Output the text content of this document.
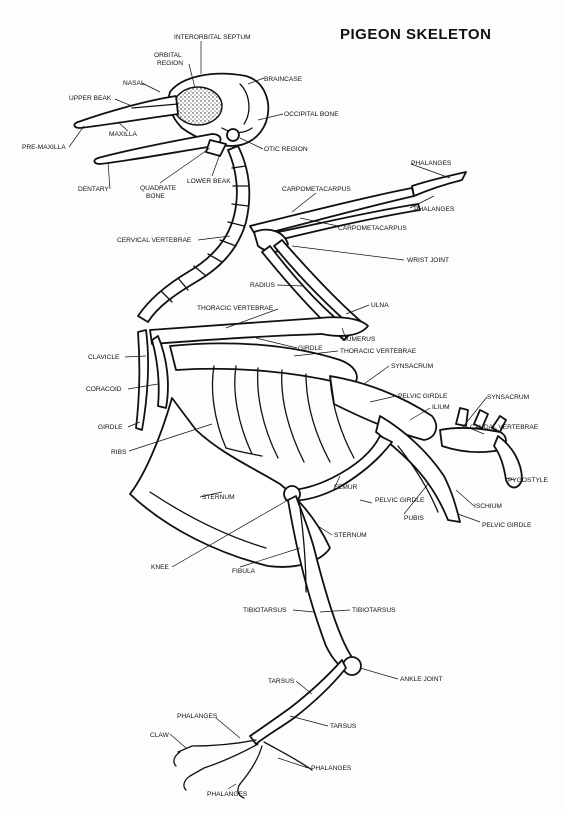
PIGEON SKELETON
INTERORBITAL SEPTUM
ORBITAL
REGION
NASAL
BRAINCASE
UPPER BEAK
OCCIPITAL BONE
MAXILLA
PRE-MAXILLA	OTIC REGION
QUADRATE
BONE
LOWER BEAK
DENTARY
PHALANGES
CARPOMETACARPUS
PHALANGES
CARPOMETACARPUS
CERVICAL VERTEBRAE
WRIST JOINT
RADIUS
ULNA
THORACIC VERTEBRAE
HUMERUS
GIRDLE	THORACIC VERTEBRAE
CLAVICLE
SYNSACRUM
CORACOID
PELVIC GIRDLE	SYNSACRUM
ILIUM
CAUDAL VERTEBRAE
GIRDLE
RIBS
PYGOSTYLE
FEMUR
ISCHIUM
STERNUM	PELVIC GIRDLE
PUBIS
PELVIC GIRDLE
STERNUM
KNEE
FIBULA
TIBIOTARSUS	TIBIOTARSUS
TARSUS	ANKLE JOINT
PHALANGES
TARSUS
CLAW
PHALANGES
PHALANGES
